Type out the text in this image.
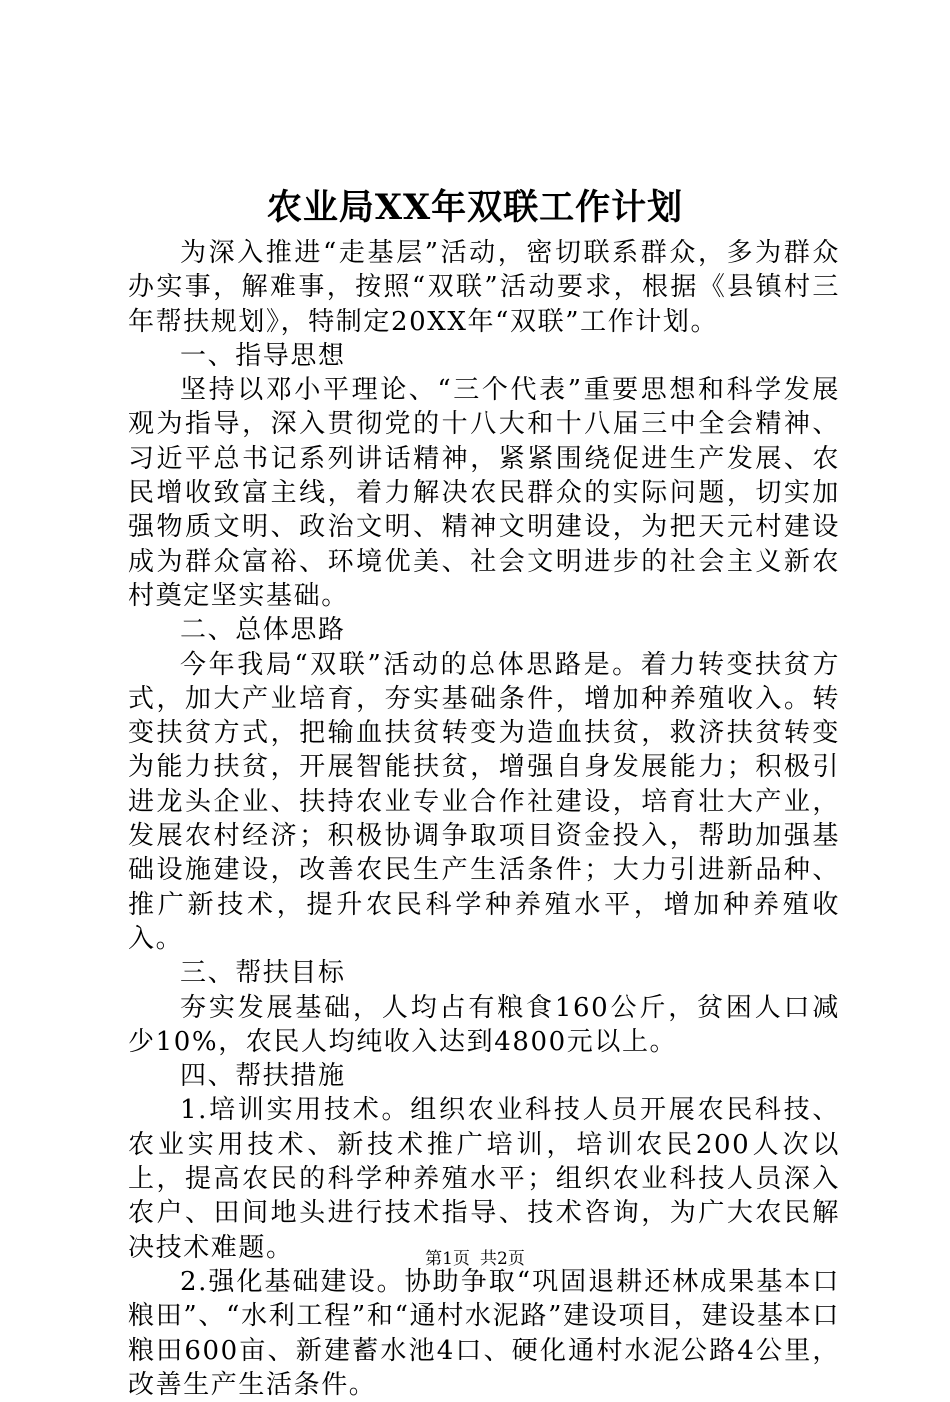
农业局XX年双联工作计划

为深入推进“走基层”活动，密切联系群众，多为群众办实事，解难事，按照“双联”活动要求，根据《县镇村三年帮扶规划》，特制定20XX年“双联”工作计划。

一、指导思想

坚持以邓小平理论、“三个代表”重要思想和科学发展观为指导，深入贯彻党的十八大和十八届三中全会精神、习近平总书记系列讲话精神，紧紧围绕促进生产发展、农民增收致富主线，着力解决农民群众的实际问题，切实加强物质文明、政治文明、精神文明建设，为把天元村建设成为群众富裕、环境优美、社会文明进步的社会主义新农村奠定坚实基础。

二、总体思路

今年我局“双联”活动的总体思路是。着力转变扶贫方式，加大产业培育，夯实基础条件，增加种养殖收入。转变扶贫方式，把输血扶贫转变为造血扶贫，救济扶贫转变为能力扶贫，开展智能扶贫，增强自身发展能力；积极引进龙头企业、扶持农业专业合作社建设，培育壮大产业，发展农村经济；积极协调争取项目资金投入，帮助加强基础设施建设，改善农民生产生活条件；大力引进新品种、推广新技术，提升农民科学种养殖水平，增加种养殖收入。

三、帮扶目标

夯实发展基础，人均占有粮食160公斤，贫困人口减少10%，农民人均纯收入达到4800元以上。

四、帮扶措施

1.培训实用技术。组织农业科技人员开展农民科技、农业实用技术、新技术推广培训，培训农民200人次以上，提高农民的科学种养殖水平；组织农业科技人员深入农户、田间地头进行技术指导、技术咨询，为广大农民解决技术难题。

2.强化基础建设。协助争取“巩固退耕还林成果基本口粮田”、“水利工程”和“通村水泥路”建设项目，建设基本口粮田600亩、新建蓄水池4口、硬化通村水泥公路4公里，改善生产生活条件。

第1页 共2页
